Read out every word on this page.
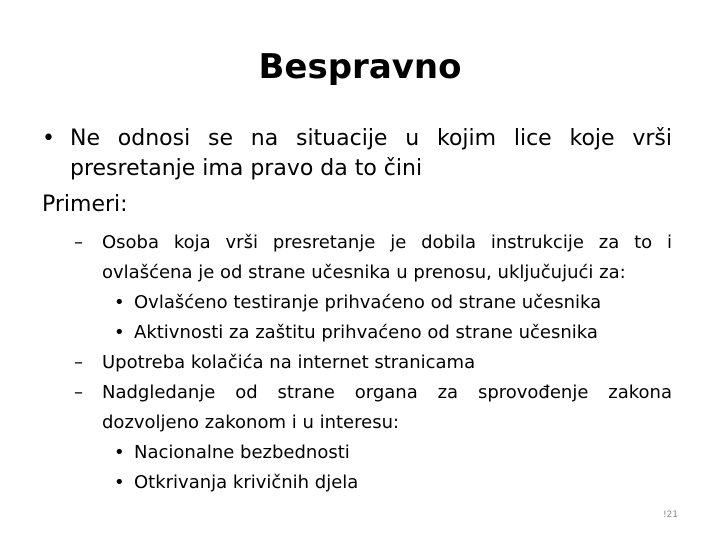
Bespravno
• Ne odnosi se na situacije u kojim lice koje vrši presretanje ima pravo da to čini
Primeri:
– Osoba koja vrši presretanje je dobila instrukcije za to i ovlašćena je od strane učesnika u prenosu, uključujući za:
• Ovlašćeno testiranje prihvaćeno od strane učesnika
• Aktivnosti za zaštitu prihvaćeno od strane učesnika
– Upotreba kolačića na internet stranicama
– Nadgledanje od strane organa za sprovođenje zakona dozvoljeno zakonom i u interesu:
• Nacionalne bezbednosti
• Otkrivanja krivičnih djela
!21
